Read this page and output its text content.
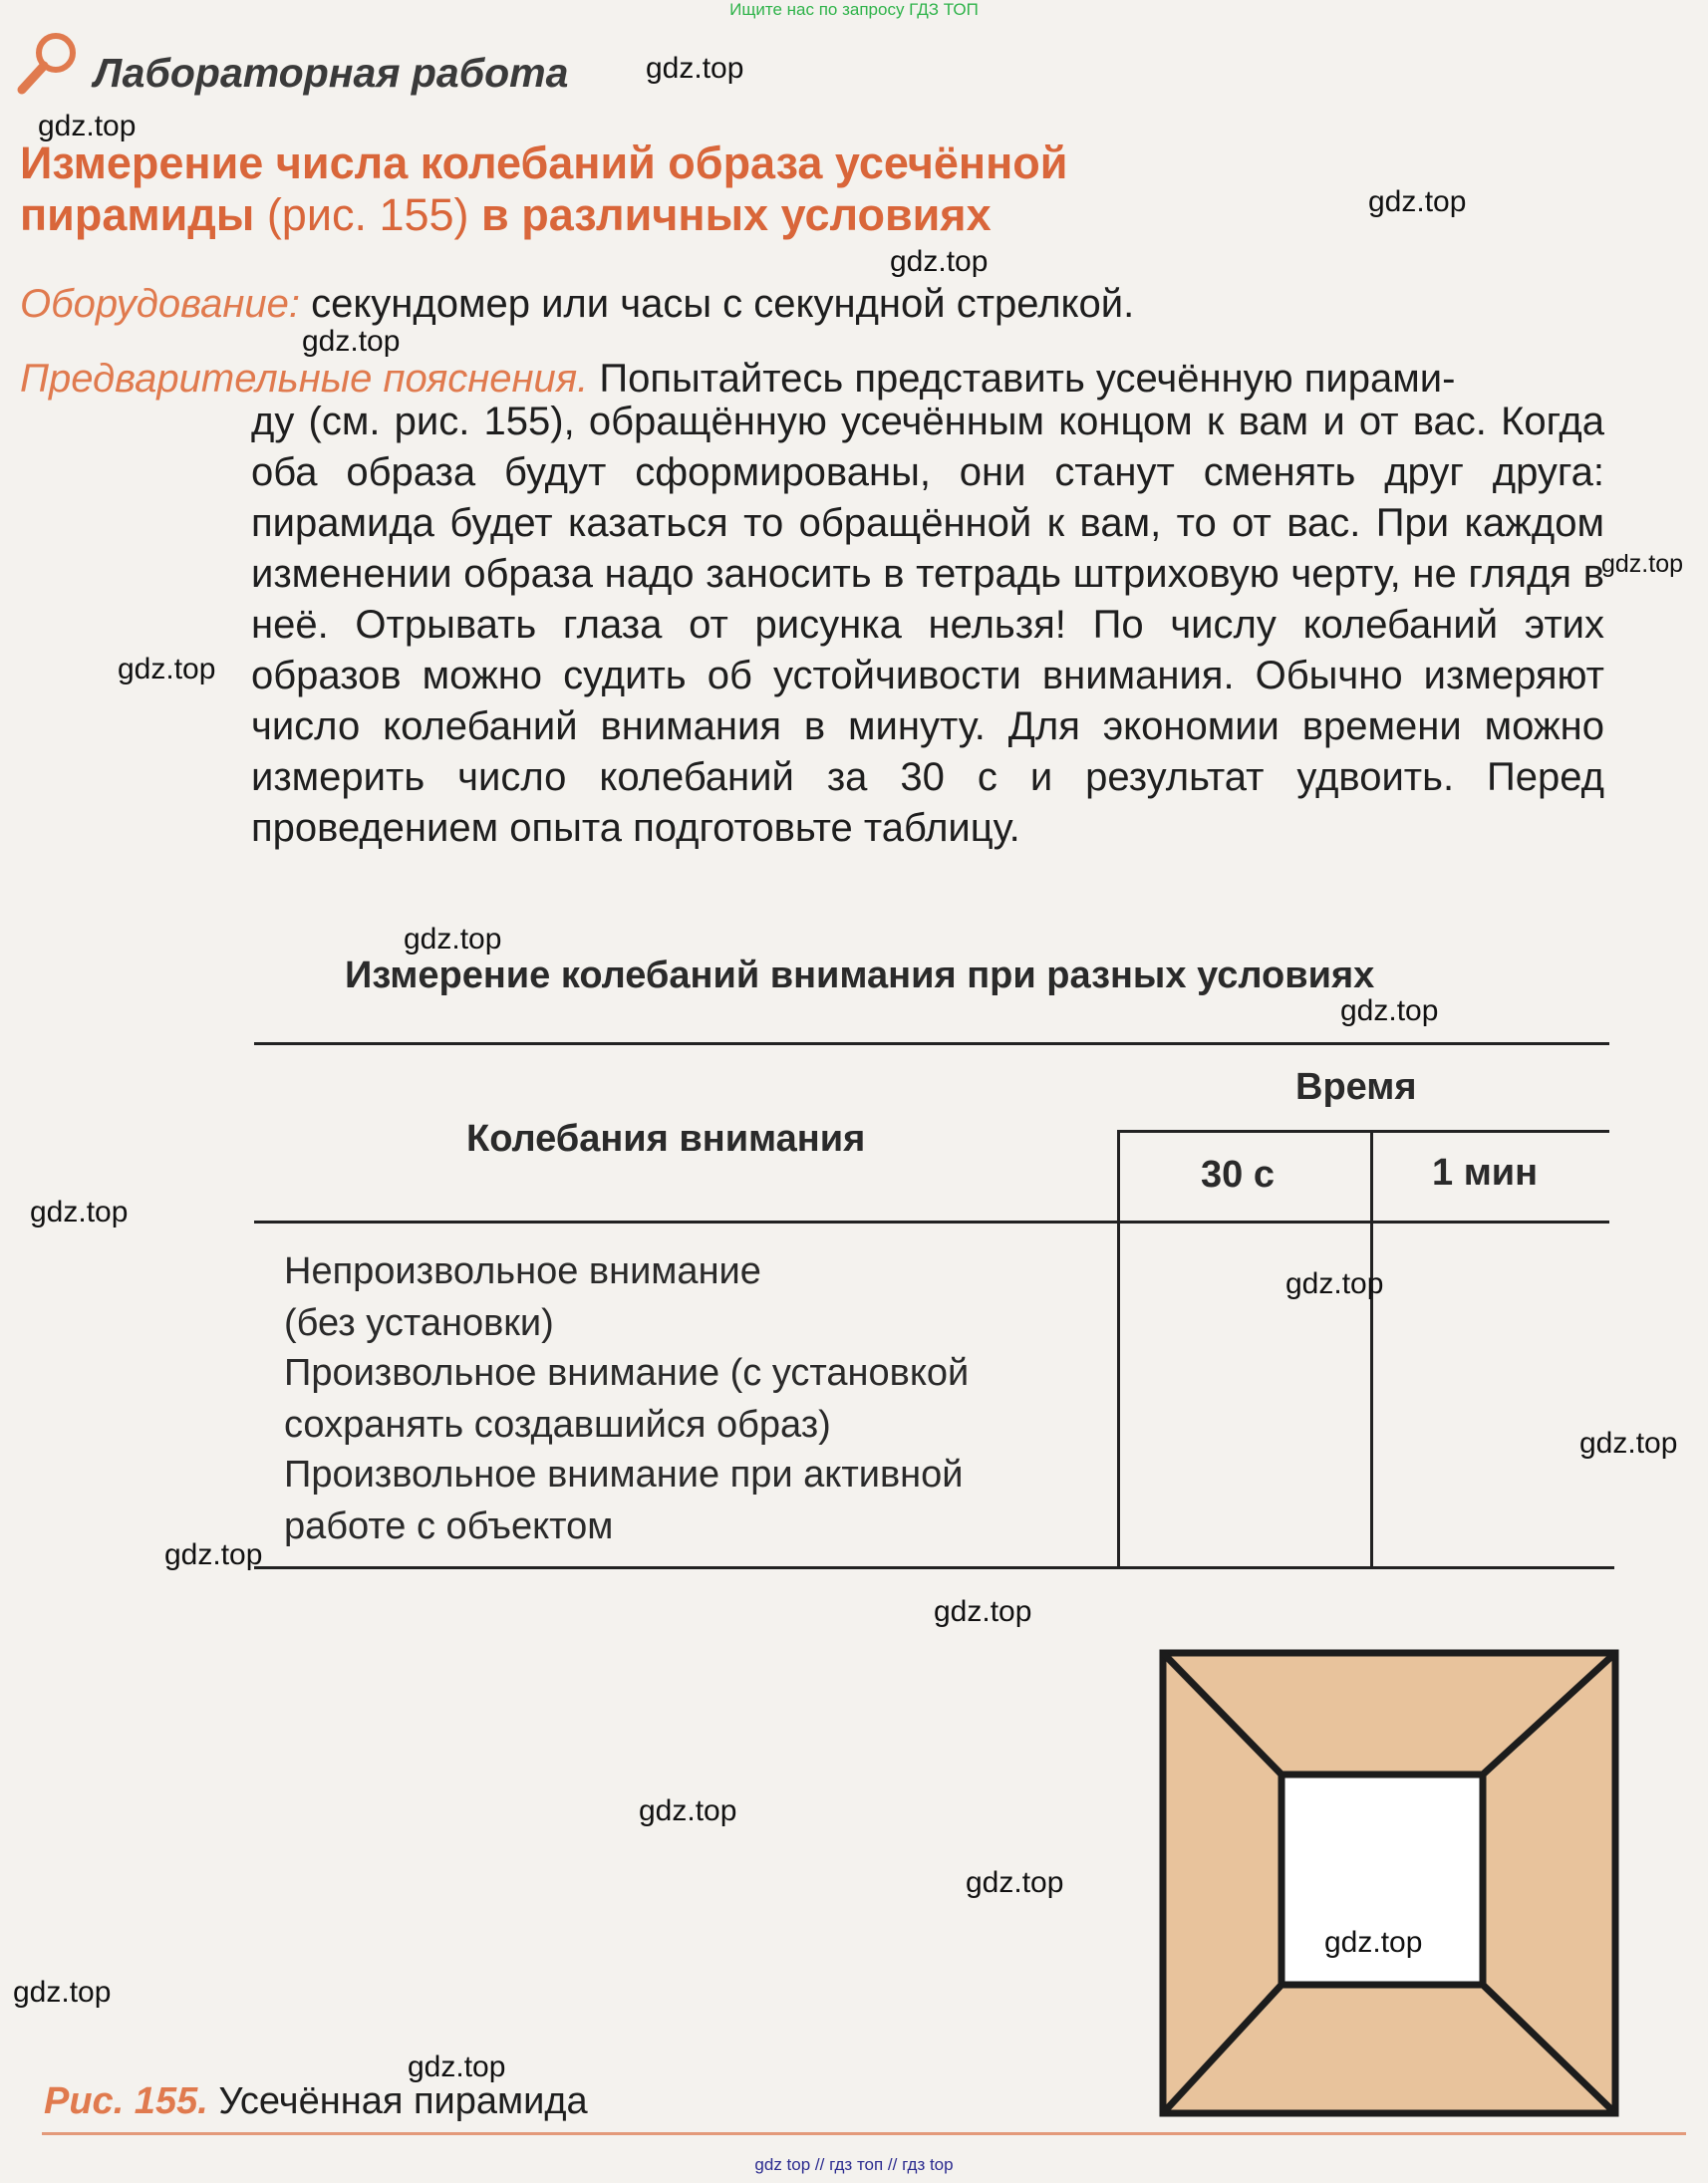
Ищите нас по запросу ГДЗ ТОП
Лабораторная работа
Измерение числа колебаний образа усечённой
пирамиды (рис. 155) в различных условиях
Оборудование: секундомер или часы с секундной стрелкой.
Предварительные пояснения. Попытайтесь представить усечённую пирами-
ду (см. рис. 155), обращённую усечённым концом к вам и от вас. Когда оба образа будут сформированы, они станут сменять друг друга: пирамида будет казаться то обращённой к вам, то от вас. При каждом изменении образа надо заносить в тетрадь штриховую черту, не глядя в неё. Отрывать глаза от рисунка нельзя! По числу колебаний этих образов можно судить об устойчивости внимания. Обычно измеряют число колебаний внимания в минуту. Для экономии времени можно измерить число колебаний за 30 с и результат удвоить. Перед проведением опыта подготовьте таблицу.
Измерение колебаний внимания при разных условиях
Колебания внимания
Время
30 с	1 мин
Непроизвольное внимание
(без установки)
Произвольное внимание (с установкой
сохранять создавшийся образ)
Произвольное внимание при активной
работе с объектом
Рис. 155. Усечённая пирамида
gdz.top
gdz.top
gdz.top
gdz.top
gdz.top
gdz.top
gdz.top
gdz.top
gdz.top
gdz.top
gdz.top
gdz.top
gdz.top
gdz.top
gdz.top
gdz.top
gdz.top
gdz.top
gdz.top
gdz top // гдз топ // гдз top
